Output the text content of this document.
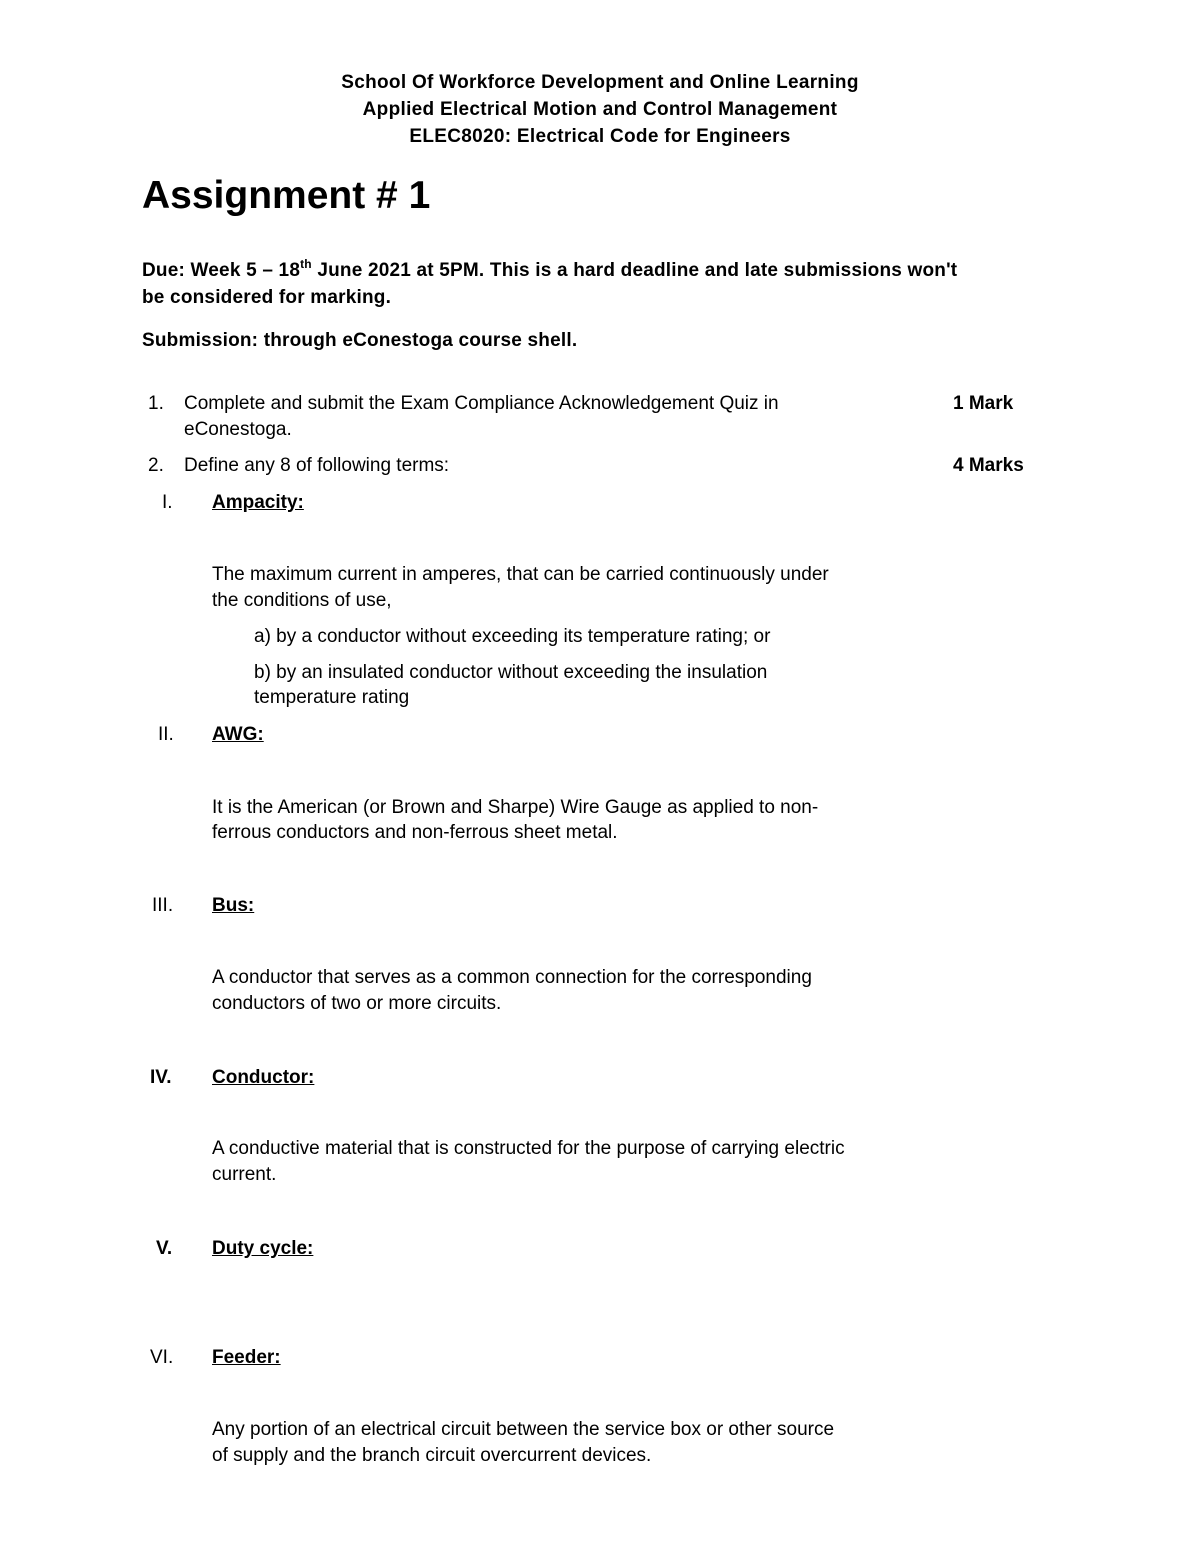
School Of Workforce Development and Online Learning
Applied Electrical Motion and Control Management
ELEC8020: Electrical Code for Engineers
Assignment # 1
Due: Week 5 – 18th June 2021 at 5PM. This is a hard deadline and late submissions won't
be considered for marking.
Submission: through eConestoga course shell.
1. Complete and submit the Exam Compliance Acknowledgement Quiz in
eConestoga.
1 Mark
2. Define any 8 of following terms:	4 Marks
I. Ampacity:
The maximum current in amperes, that can be carried continuously under
the conditions of use,
a) by a conductor without exceeding its temperature rating; or
b) by an insulated conductor without exceeding the insulation
temperature rating
II. AWG:
It is the American (or Brown and Sharpe) Wire Gauge as applied to non-
ferrous conductors and non-ferrous sheet metal.
III. Bus:
A conductor that serves as a common connection for the corresponding
conductors of two or more circuits.
IV. Conductor:
A conductive material that is constructed for the purpose of carrying electric
current.
V. Duty cycle:
VI. Feeder:
Any portion of an electrical circuit between the service box or other source
of supply and the branch circuit overcurrent devices.
